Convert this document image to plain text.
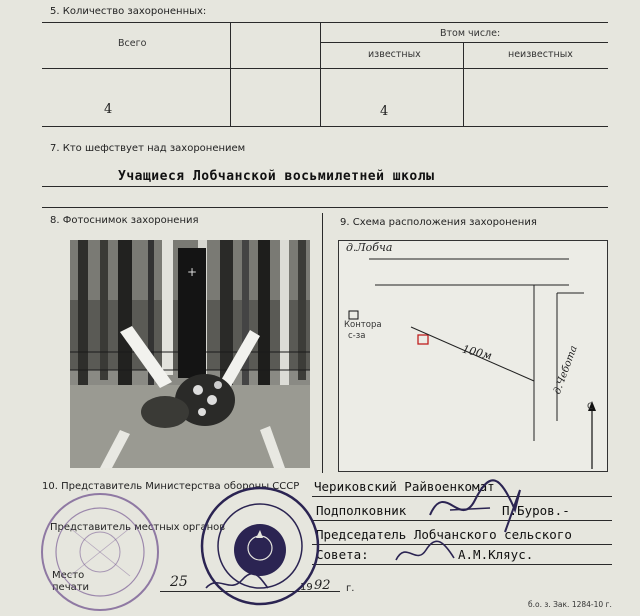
5. Количество захороненных:
Всего
Втом числе:
известных	неизвестных
4	4
7. Кто шефствует над захоронением
Учащиеся Лобчанской восьмилетней школы
8. Фотоснимок захоронения
+
9. Схема расположения захоронения
д.Лобча
Контора
с-за
100м	д.Чебота
С
10. Представитель Министерства обороны СССР Чериковский Райвоенкомат
Подполковник	П.Буров.-
Представитель местных органов	Председатель Лобчанского сельского
Совета:	А.М.Кляус.
Место
печати	25	19 92 г.
б.о. з. Зак. 1284-10 г.
